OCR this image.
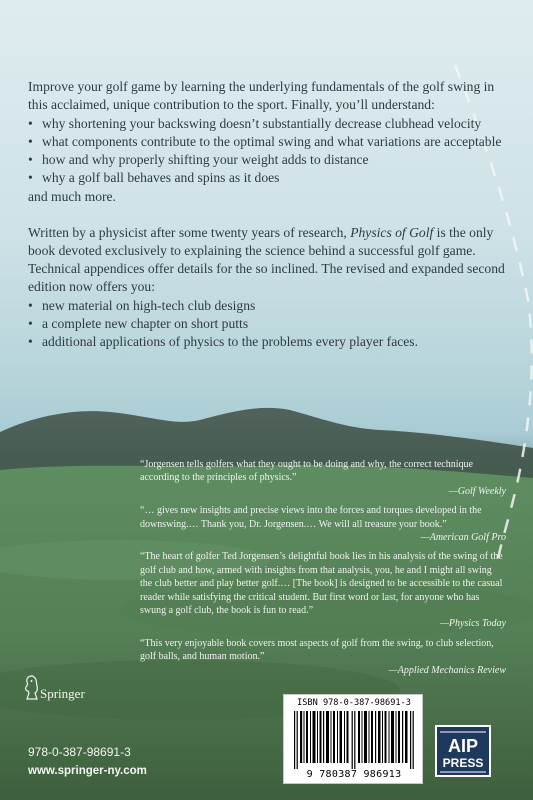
Improve your golf game by learning the underlying fundamentals of the golf swing in this acclaimed, unique contribution to the sport. Finally, you’ll understand:

• why shortening your backswing doesn’t substantially decrease clubhead velocity
• what components contribute to the optimal swing and what variations are acceptable
• how and why properly shifting your weight adds to distance
• why a golf ball behaves and spins as it does

and much more.

Written by a physicist after some twenty years of research, Physics of Golf is the only book devoted exclusively to explaining the science behind a successful golf game. Technical appendices offer details for the so inclined. The revised and expanded second edition now offers you:

• new material on high-tech club designs
• a complete new chapter on short putts
• additional applications of physics to the problems every player faces.
“Jorgensen tells golfers what they ought to be doing and why, the correct technique according to the principles of physics.”
—Golf Weekly
“… gives new insights and precise views into the forces and torques developed in the downswing.… Thank you, Dr. Jorgensen.… We will all treasure your book.”
—American Golf Pro
“The heart of golfer Ted Jorgensen’s delightful book lies in his analysis of the swing of the golf club and how, armed with insights from that analysis, you, he and I might all swing the club better and play better golf.… [The book] is designed to be accessible to the casual reader while satisfying the critical student. But first word or last, for anyone who has swung a golf club, the book is fun to read.”
—Physics Today
“This very enjoyable book covers most aspects of golf from the swing, to club selection, golf balls, and human motion.”
—Applied Mechanics Review
Springer
ISBN 978-0-387-98691-3
9 780387 986913
978-0-387-98691-3
www.springer-ny.com
AIP
PRESS
